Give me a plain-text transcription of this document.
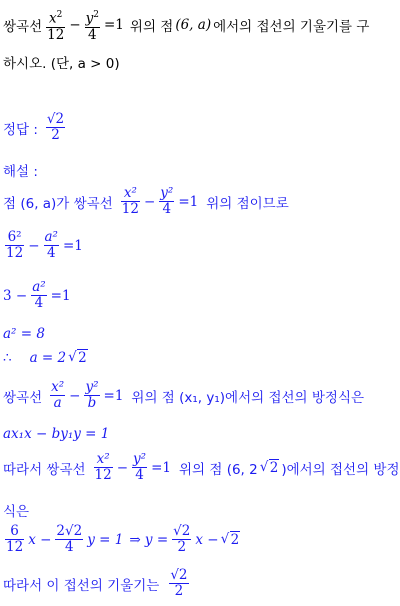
쌍곡선 $\frac{x^2}{12} - \frac{y^2}{4} =1$ 위의 점 (6, a) 에서의 접선의 기울기를 구
하시오. (단, a > 0)
정답 : $\frac{√2}{2}$
해설 :
점 (6, a)가 쌍곡선 $\frac{\text{x²}}{12} - \frac{\text{y²}}{4} =1$ 위의 점이므로
$\frac{\text{6²}}{12} - \frac{\text{a²}}{4} =1$
$3 - \frac{\text{a²}}{4} =1$
a² = 8
∴ a = 2 √ 2
쌍곡선 $\frac{\text{x²}}{a} - \frac{\text{y²}}{b} =1$ 위의 점 (x₁, y₁)에서의 접선의 방정식은
ax₁x − by₁y = 1
따라서 쌍곡선 $\frac{\text{x²}}{12} - \frac{\text{y²}}{4} =1$ 위의 점 (6, 2 √ 2 )에서의 접선의 방정
식은
$\frac{6}{12}$ $x - \frac{2√2}{4}$ y = 1 ⇒ $y = \frac{√2}{2}$ x − √ 2
따라서 이 접선의 기울기는 $\frac{√2}{2}$
